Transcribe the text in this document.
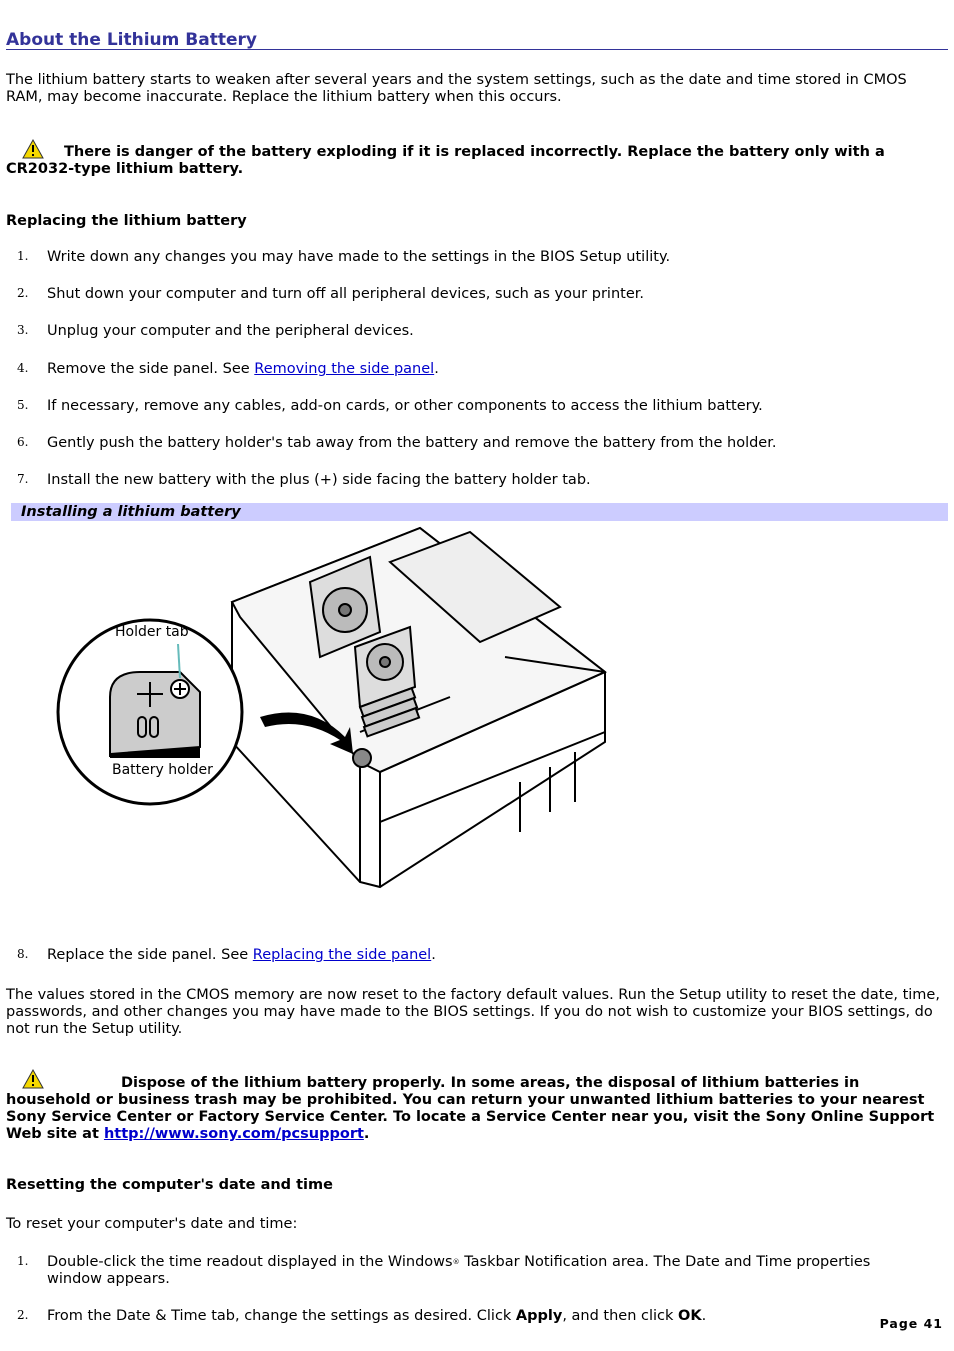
About the Lithium Battery
The lithium battery starts to weaken after several years and the system settings, such as the date and time stored in CMOS RAM, may become inaccurate. Replace the lithium battery when this occurs.
There is danger of the battery exploding if it is replaced incorrectly. Replace the battery only with a CR2032-type lithium battery.
Replacing the lithium battery
1.	Write down any changes you may have made to the settings in the BIOS Setup utility.
2.	Shut down your computer and turn off all peripheral devices, such as your printer.
3.	Unplug your computer and the peripheral devices.
4.	Remove the side panel. See Removing the side panel.
5.	If necessary, remove any cables, add-on cards, or other components to access the lithium battery.
6.	Gently push the battery holder's tab away from the battery and remove the battery from the holder.
7.	Install the new battery with the plus (+) side facing the battery holder tab.
Installing a lithium battery
Holder tab
Battery holder
8.	Replace the side panel. See Replacing the side panel.
The values stored in the CMOS memory are now reset to the factory default values. Run the Setup utility to reset the date, time, passwords, and other changes you may have made to the BIOS settings. If you do not wish to customize your BIOS settings, do not run the Setup utility.
Dispose of the lithium battery properly. In some areas, the disposal of lithium batteries in household or business trash may be prohibited. You can return your unwanted lithium batteries to your nearest Sony Service Center or Factory Service Center. To locate a Service Center near you, visit the Sony Online Support Web site at http://www.sony.com/pcsupport.
Resetting the computer's date and time
To reset your computer's date and time:
1.	Double-click the time readout displayed in the Windows® Taskbar Notification area. The Date and Time properties window appears.
2.	From the Date & Time tab, change the settings as desired. Click Apply, and then click OK.	Page 41
